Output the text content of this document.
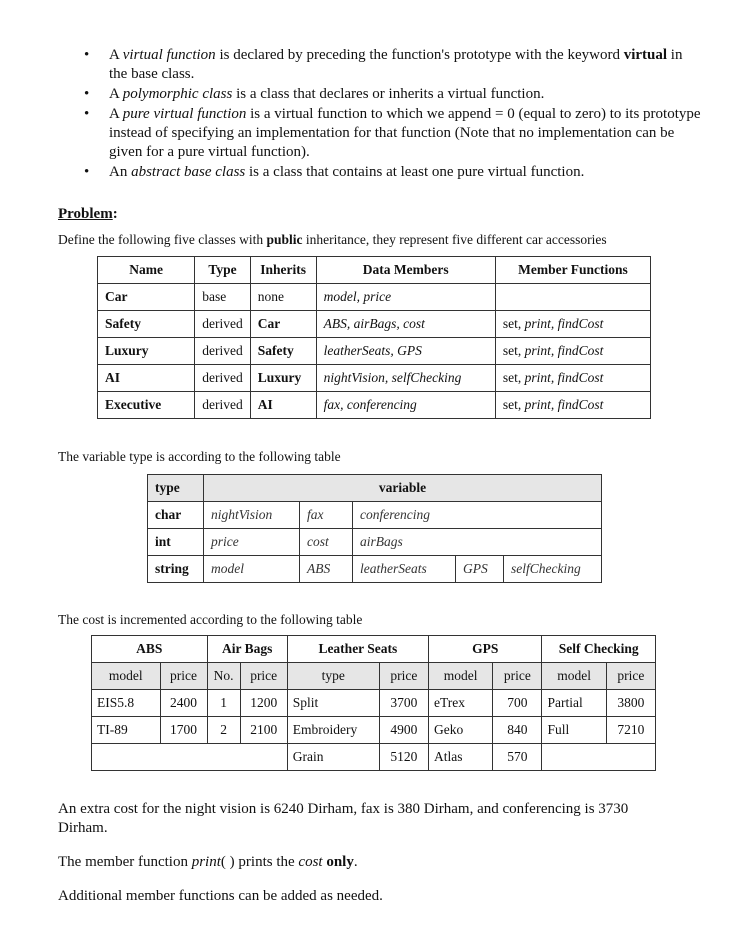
•	A virtual function is declared by preceding the function's prototype with the keyword virtual in the base class.

•	A polymorphic class is a class that declares or inherits a virtual function.

•	A pure virtual function is a virtual function to which we append = 0 (equal to zero) to its prototype instead of specifying an implementation for that function (Note that no implementation can be given for a pure virtual function).

•	An abstract base class is a class that contains at least one pure virtual function.

Problem:
Define the following five classes with public inheritance, they represent five different car accessories
Name	Type	Inherits	Data Members	Member Functions
Car	base	none	model, price	
Safety	derived	Car	ABS, airBags, cost	set, print, findCost
Luxury	derived	Safety	leatherSeats, GPS	set, print, findCost
AI	derived	Luxury	nightVision, selfChecking	set, print, findCost
Executive	derived	AI	fax, conferencing	set, print, findCost
The variable type is according to the following table
type	variable				
char	nightVision	fax	conferencing		
int	price	cost	airBags		
string	model	ABS	leatherSeats	GPS	selfChecking
The cost is incremented according to the following table
ABS		Air Bags		Leather Seats		GPS		Self Checking	
model	price	No.	price	type	price	model	price	model	price
EIS5.8	2400	1	1200	Split	3700	eTrex	700	Partial	3800
TI-89	1700	2	2100	Embroidery	4900	Geko	840	Full	7210
				Grain	5120	Atlas	570		
An extra cost for the night vision is 6240 Dirham, fax is 380 Dirham, and conferencing is 3730 Dirham.
The member function print( ) prints the cost only.
Additional member functions can be added as needed.
